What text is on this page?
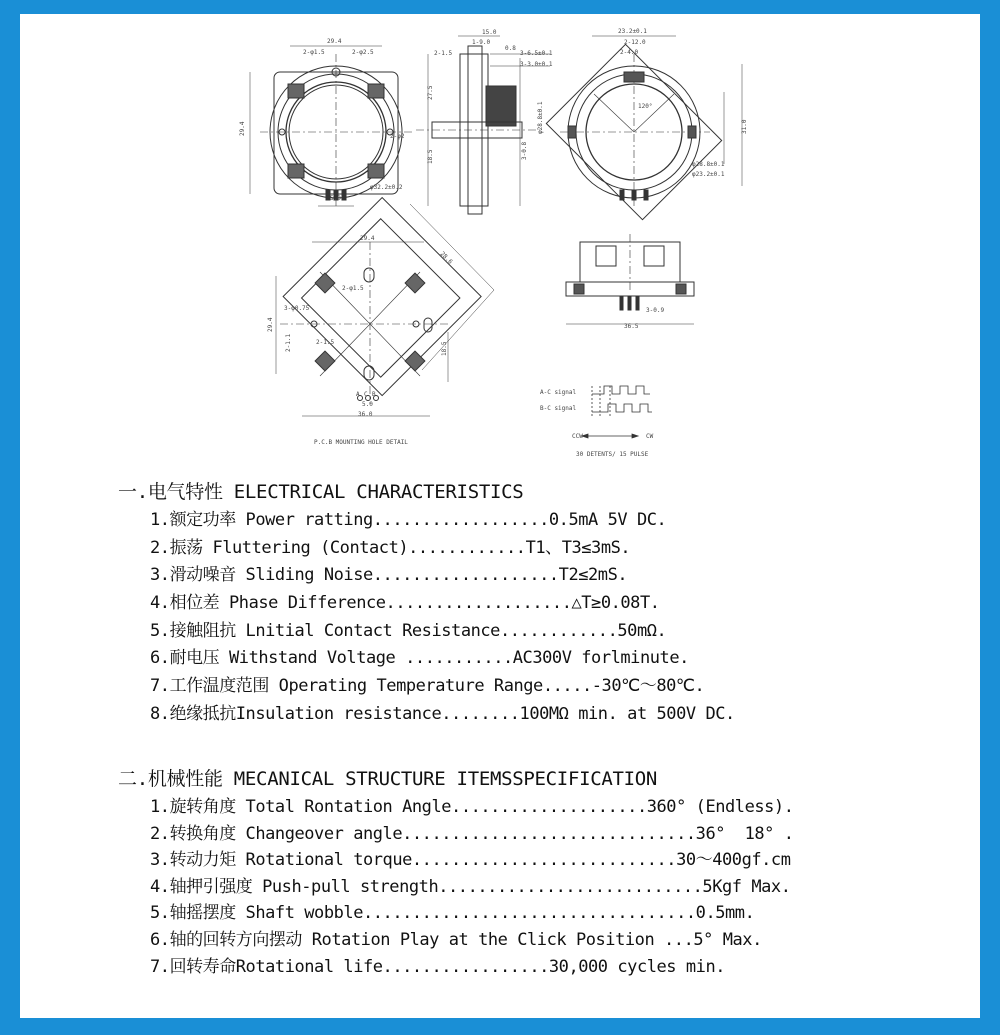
29.4
2-φ1.5	2-φ2.5
29.4
φ32.2±0.2
5.0
2-φ2
15.0
1-9.0
2-1.5
0.8
3-6.5±0.1
3-3.0±0.1
27.5
18.5	3-0.8
φ28.8±0.1
23.2±0.1
2-12.0
2-4.0
120°
φ28.8±0.1
φ23.2±0.1
31.0
29.4
28.6
2-φ1.5
2-1.5
29.4
3-φ0.75
2-1.1
A C B
5.0
36.0
18.5
P.C.B MOUNTING HOLE DETAIL
36.5
3-0.9
A-C signal
B-C signal
CCW	CW
30 DETENTS/ 15 PULSE
一.电气特性 ELECTRICAL CHARACTERISTICS
1.额定功率 Power ratting..................0.5mA 5V DC.
2.振荡 Fluttering (Contact)............T1、T3≤3mS.
3.滑动噪音 Sliding Noise...................T2≤2mS.
4.相位差 Phase Difference...................△T≥0.08T.
5.接触阻抗 Lnitial Contact Resistance............50mΩ.
6.耐电压 Withstand Voltage ...........AC300V forlminute.
7.工作温度范围 Operating Temperature Range.....-30℃～80℃.
8.绝缘抵抗Insulation resistance........100MΩ min. at 500V DC.
二.机械性能 MECANICAL STRUCTURE ITEMSSPECIFICATION
1.旋转角度 Total Rontation Angle....................360° (Endless).
2.转换角度 Changeover angle..............................36°  18° .
3.转动力矩 Rotational torque...........................30～400gf.cm
4.轴押引强度 Push-pull strength...........................5Kgf Max.
5.轴摇摆度 Shaft wobble..................................0.5mm.
6.轴的回转方向摆动 Rotation Play at the Click Position ...5° Max.
7.回转寿命Rotational life.................30,000 cycles min.
